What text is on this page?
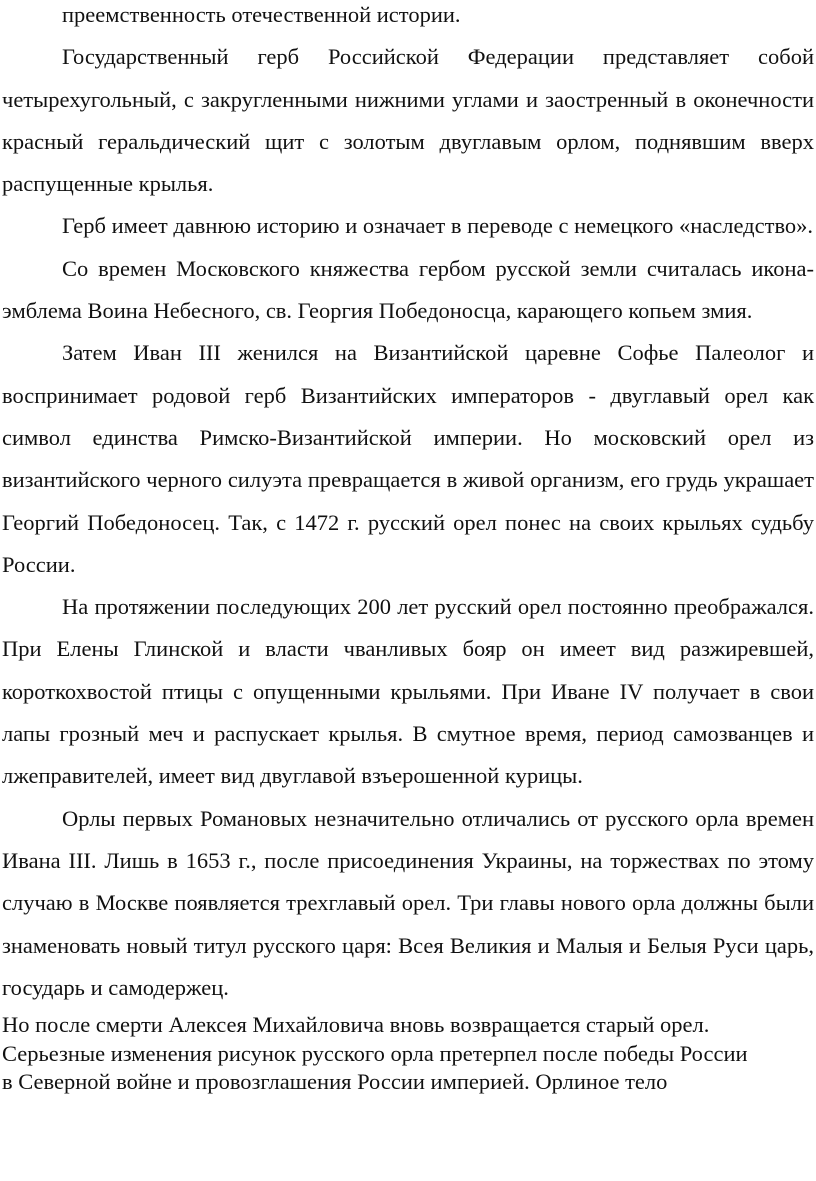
преемственность отечественной истории.

Государственный герб Российской Федерации представляет собой четырехугольный, с закругленными нижними углами и заостренный в оконечности красный геральдический щит с золотым двуглавым орлом, поднявшим вверх распущенные крылья.

Герб имеет давнюю историю и означает в переводе с немецкого «наследство».

Со времен Московского княжества гербом русской земли считалась икона-эмблема Воина Небесного, св. Георгия Победоносца, карающего копьем змия.

Затем Иван III женился на Византийской царевне Софье Палеолог и воспринимает родовой герб Византийских императоров - двуглавый орел как символ единства Римско-Византийской империи. Но московский орел из византийского черного силуэта превращается в живой организм, его грудь украшает Георгий Победоносец. Так, с 1472 г. русский орел понес на своих крыльях судьбу России.

На протяжении последующих 200 лет русский орел постоянно преображался. При Елены Глинской и власти чванливых бояр он имеет вид разжиревшей, короткохвостой птицы с опущенными крыльями. При Иване IV получает в свои лапы грозный меч и распускает крылья. В смутное время, период самозванцев и лжеправителей, имеет вид двуглавой взъерошенной курицы.

Орлы первых Романовых незначительно отличались от русского орла времен Ивана III. Лишь в 1653 г., после присоединения Украины, на торжествах по этому случаю в Москве появляется трехглавый орел. Три главы нового орла должны были знаменовать новый титул русского царя: Всея Великия и Малыя и Белыя Руси царь, государь и самодержец.

Но после смерти Алексея Михайловича вновь возвращается старый орел.
Серьезные изменения рисунок русского орла претерпел после победы России
в Северной войне и провозглашения России империей. Орлиное тело
